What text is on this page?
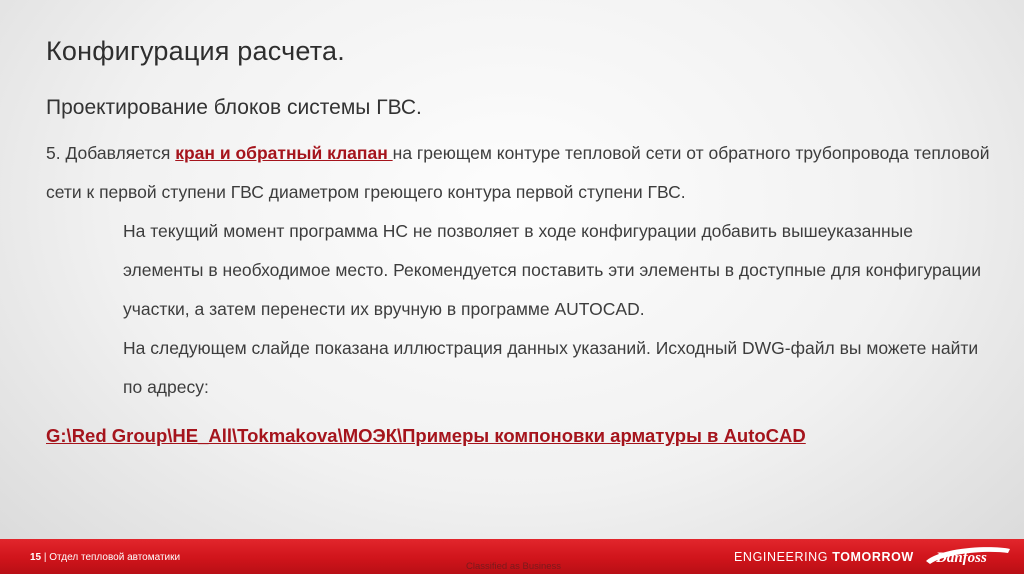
Конфигурация расчета.
Проектирование блоков системы ГВС.

5. Добавляется кран и обратный клапан на греющем контуре тепловой сети от обратного трубопровода тепловой сети к первой ступени ГВС диаметром греющего контура первой ступени ГВС.

На текущий момент программа НС не позволяет в ходе конфигурации добавить вышеуказанные элементы в необходимое место. Рекомендуется поставить эти элементы в доступные для конфигурации участки, а затем перенести их вручную в программе AUTOCAD.

На следующем слайде показана иллюстрация данных указаний. Исходный DWG-файл вы можете найти по адресу:

G:\Red Group\HE_All\Tokmakova\МОЭК\Примеры компоновки арматуры в AutoCAD
15 | Отдел тепловой автоматики
Classified as Business
ENGINEERING TOMORROW Danfoss
